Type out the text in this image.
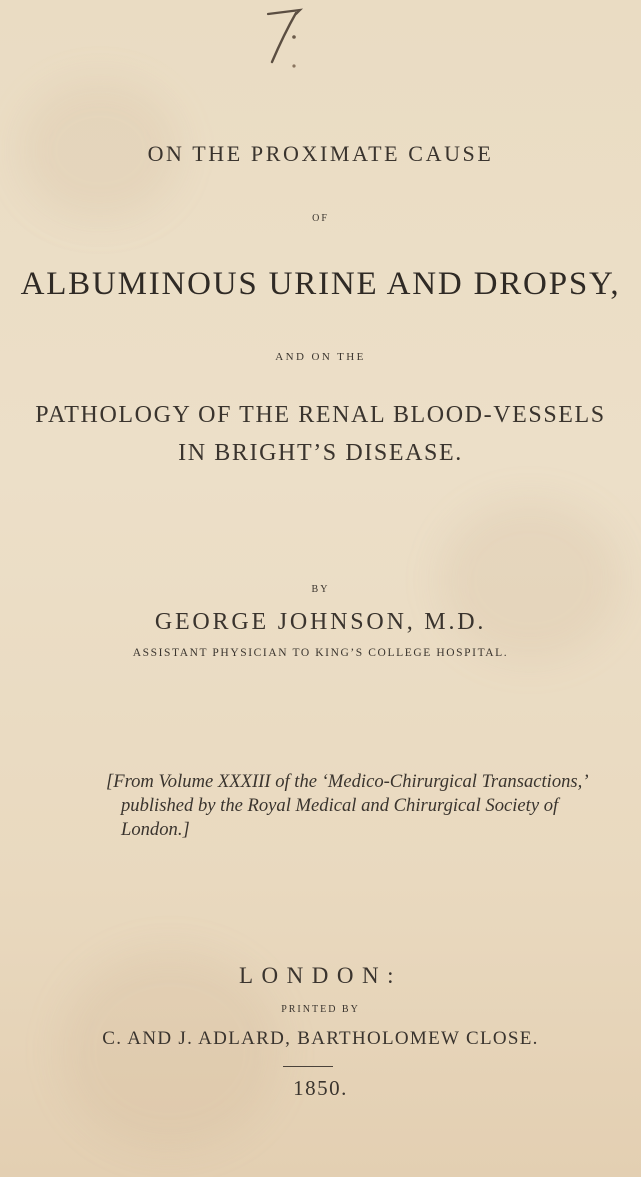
ON THE PROXIMATE CAUSE
OF
ALBUMINOUS URINE AND DROPSY,
AND ON THE
PATHOLOGY OF THE RENAL BLOOD-VESSELS
IN BRIGHT’S DISEASE.
BY
GEORGE JOHNSON, M.D.
ASSISTANT PHYSICIAN TO KING’S COLLEGE HOSPITAL.
[From Volume XXXIII of the ‘Medico-Chirurgical Transactions,’
published by the Royal Medical and Chirurgical Society of
London.]
LONDON:
PRINTED BY
C. AND J. ADLARD, BARTHOLOMEW CLOSE.
1850.
